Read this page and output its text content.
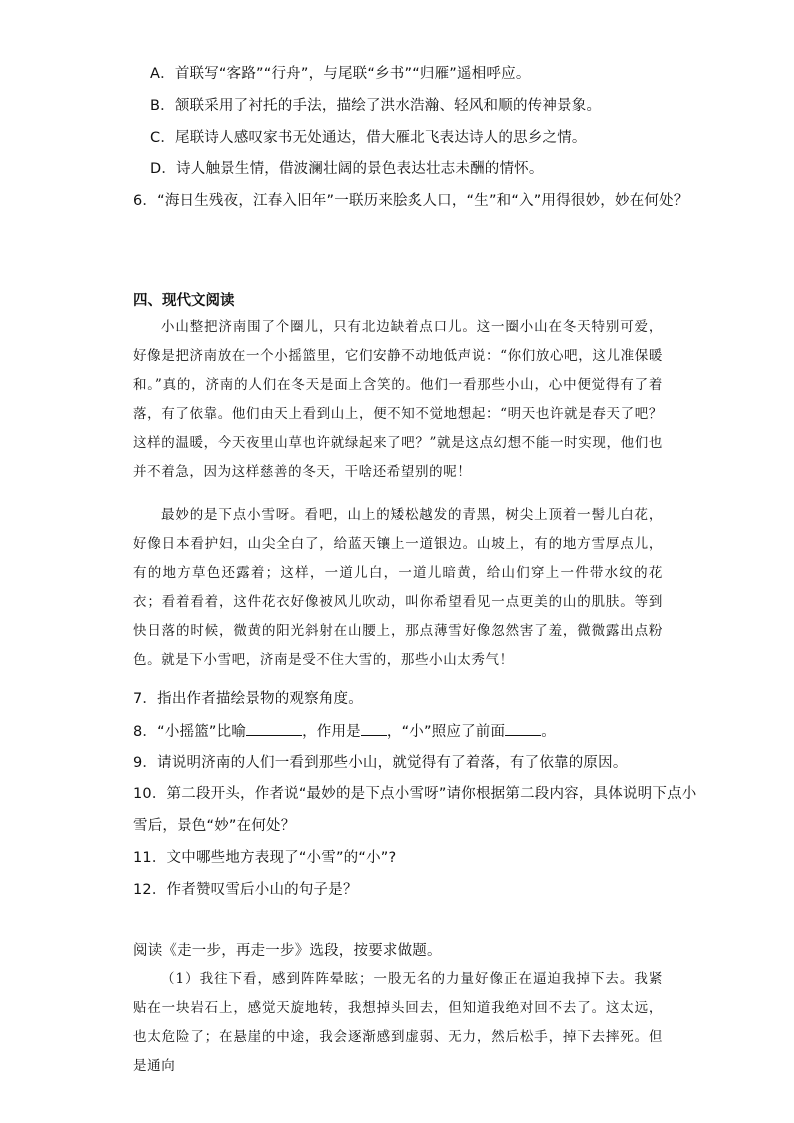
A．首联写“客路”“行舟”，与尾联“乡书”“归雁”遥相呼应。
B．颔联采用了衬托的手法，描绘了洪水浩瀚、轻风和顺的传神景象。
C．尾联诗人感叹家书无处通达，借大雁北飞表达诗人的思乡之情。
D．诗人触景生情，借波澜壮阔的景色表达壮志未酬的情怀。
6．“海日生残夜，江春入旧年”一联历来脍炙人口，“生”和“入”用得很妙，妙在何处？
四、现代文阅读

小山整把济南围了个圈儿，只有北边缺着点口儿。这一圈小山在冬天特别可爱，好像是把济南放在一个小摇篮里，它们安静不动地低声说：“你们放心吧，这儿准保暖和。”真的，济南的人们在冬天是面上含笑的。他们一看那些小山，心中便觉得有了着落，有了依靠。他们由天上看到山上，便不知不觉地想起：“明天也许就是春天了吧？这样的温暖，今天夜里山草也许就绿起来了吧？”就是这点幻想不能一时实现，他们也并不着急，因为这样慈善的冬天，干啥还希望别的呢！

最妙的是下点小雪呀。看吧，山上的矮松越发的青黑，树尖上顶着一髻儿白花，好像日本看护妇，山尖全白了，给蓝天镶上一道银边。山坡上，有的地方雪厚点儿，有的地方草色还露着；这样，一道儿白，一道儿暗黄，给山们穿上一件带水纹的花衣；看着看着，这件花衣好像被风儿吹动，叫你希望看见一点更美的山的肌肤。等到快日落的时候，微黄的阳光斜射在山腰上，那点薄雪好像忽然害了羞，微微露出点粉色。就是下小雪吧，济南是受不住大雪的，那些小山太秀气！

7．指出作者描绘景物的观察角度。
8．“小摇篮”比喻	，作用是 ，“小”照应了前面 。
9．请说明济南的人们一看到那些小山，就觉得有了着落，有了依靠的原因。
10．第二段开头，作者说“最妙的是下点小雪呀”请你根据第二段内容，具体说明下点小
雪后，景色“妙”在何处？
11．文中哪些地方表现了“小雪”的“小”?
12．作者赞叹雪后小山的句子是？
阅读《走一步，再走一步》选段，按要求做题。

（1）我往下看，感到阵阵晕眩；一股无名的力量好像正在逼迫我掉下去。我紧贴在一块岩石上，感觉天旋地转，我想掉头回去，但知道我绝对回不去了。这太远，也太危险了；在悬崖的中途，我会逐渐感到虚弱、无力，然后松手，掉下去摔死。但是通向
